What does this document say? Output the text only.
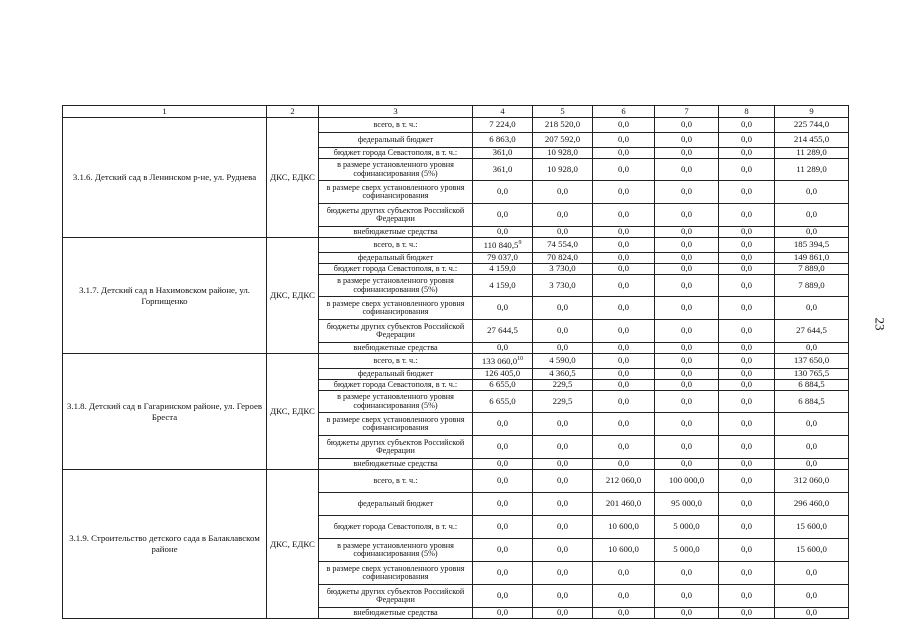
23
1	2	3	4	5	6	7	8	9
3.1.6. Детский сад в Ленинском р-не, ул. Руднева	ДКС, ЕДКС	всего, в т. ч.:	7 224,0	218 520,0	0,0	0,0	0,0	225 744,0
		федеральный бюджет	6 863,0	207 592,0	0,0	0,0	0,0	214 455,0
		бюджет города Севастополя, в т. ч.:	361,0	10 928,0	0,0	0,0	0,0	11 289,0
		в размере установленного уровня софинансирования (5%)	361,0	10 928,0	0,0	0,0	0,0	11 289,0
		в размере сверх установленного уровня софинансирования	0,0	0,0	0,0	0,0	0,0	0,0
		бюджеты других субъектов Российской Федерации	0,0	0,0	0,0	0,0	0,0	0,0
		внебюджетные средства	0,0	0,0	0,0	0,0	0,0	0,0
3.1.7. Детский сад в Нахимовском районе, ул. Горпищенко	ДКС, ЕДКС	всего, в т. ч.:	110 840,5$^9$	74 554,0	0,0	0,0	0,0	185 394,5
		федеральный бюджет	79 037,0	70 824,0	0,0	0,0	0,0	149 861,0
		бюджет города Севастополя, в т. ч.:	4 159,0	3 730,0	0,0	0,0	0,0	7 889,0
		в размере установленного уровня софинансирования (5%)	4 159,0	3 730,0	0,0	0,0	0,0	7 889,0
		в размере сверх установленного уровня софинансирования	0,0	0,0	0,0	0,0	0,0	0,0
		бюджеты других субъектов Российской Федерации	27 644,5	0,0	0,0	0,0	0,0	27 644,5
		внебюджетные средства	0,0	0,0	0,0	0,0	0,0	0,0
3.1.8. Детский сад в Гагаринском районе, ул. Героев Бреста	ДКС, ЕДКС	всего, в т. ч.:	133 060,0$^{10}$	4 590,0	0,0	0,0	0,0	137 650,0
		федеральный бюджет	126 405,0	4 360,5	0,0	0,0	0,0	130 765,5
		бюджет города Севастополя, в т. ч.:	6 655,0	229,5	0,0	0,0	0,0	6 884,5
		в размере установленного уровня софинансирования (5%)	6 655,0	229,5	0,0	0,0	0,0	6 884,5
		в размере сверх установленного уровня софинансирования	0,0	0,0	0,0	0,0	0,0	0,0
		бюджеты других субъектов Российской Федерации	0,0	0,0	0,0	0,0	0,0	0,0
		внебюджетные средства	0,0	0,0	0,0	0,0	0,0	0,0
3.1.9. Строительство детского сада в Балаклавском районе	ДКС, ЕДКС	всего, в т. ч.:	0,0	0,0	212 060,0	100 000,0	0,0	312 060,0
		федеральный бюджет	0,0	0,0	201 460,0	95 000,0	0,0	296 460,0
		бюджет города Севастополя, в т. ч.:	0,0	0,0	10 600,0	5 000,0	0,0	15 600,0
		в размере установленного уровня софинансирования (5%)	0,0	0,0	10 600,0	5 000,0	0,0	15 600,0
		в размере сверх установленного уровня софинансирования	0,0	0,0	0,0	0,0	0,0	0,0
		бюджеты других субъектов Российской Федерации	0,0	0,0	0,0	0,0	0,0	0,0
		внебюджетные средства	0,0	0,0	0,0	0,0	0,0	0,0
